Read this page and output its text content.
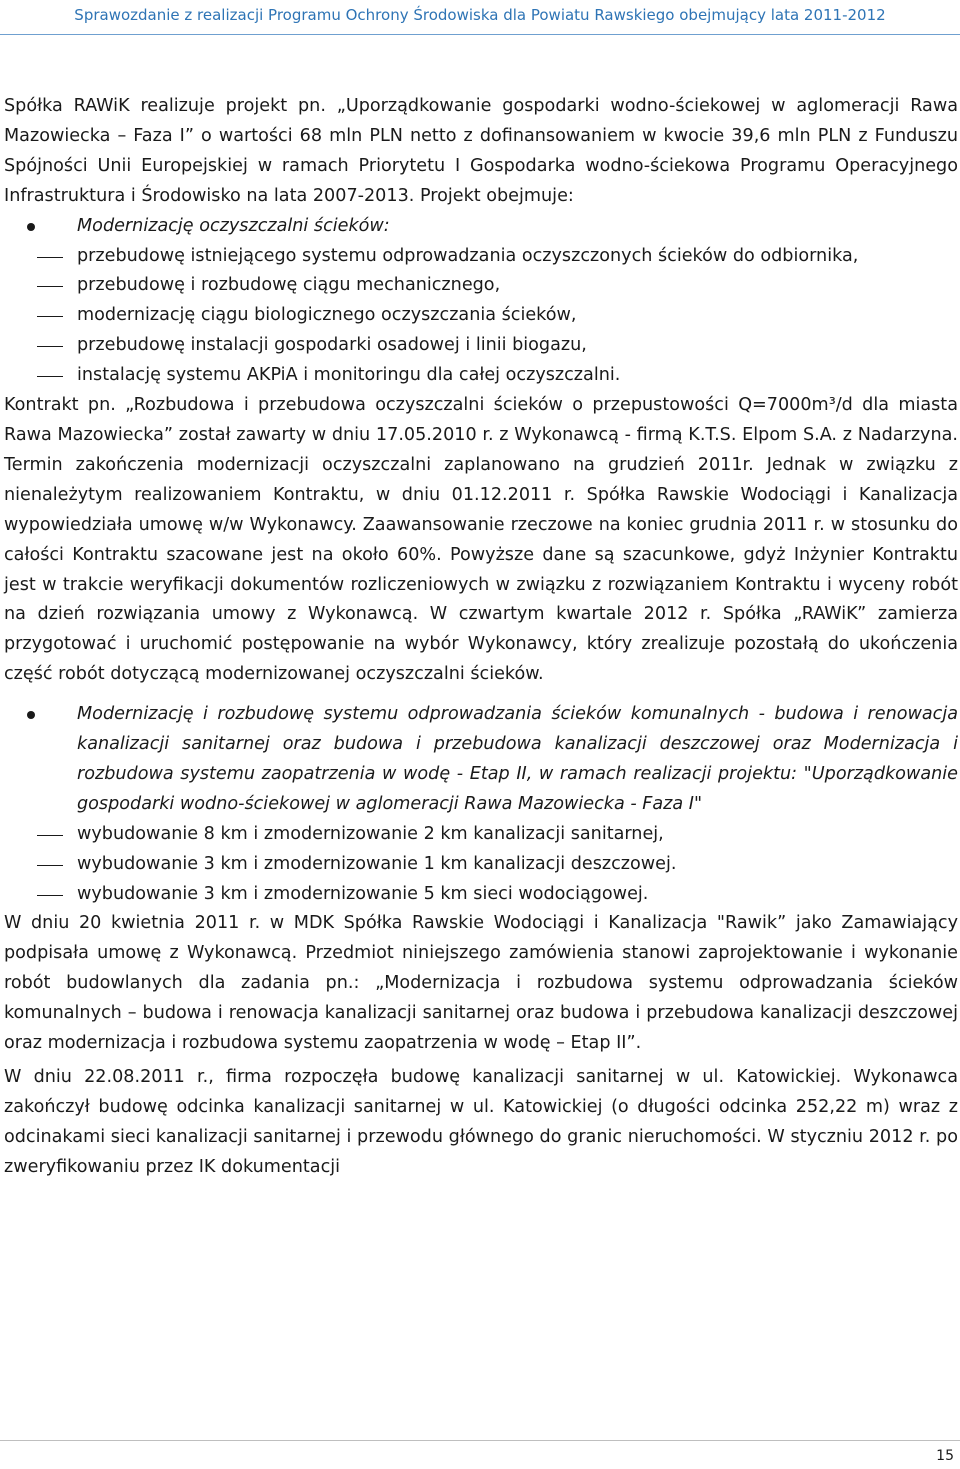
Sprawozdanie z realizacji Programu Ochrony Środowiska dla Powiatu Rawskiego obejmujący lata 2011-2012

Spółka RAWiK realizuje projekt pn. „Uporządkowanie gospodarki wodno-ściekowej w aglomeracji Rawa Mazowiecka – Faza I” o wartości 68 mln PLN netto z dofinansowaniem w kwocie 39,6 mln PLN z Funduszu Spójności Unii Europejskiej w ramach Priorytetu I Gospodarka wodno-ściekowa Programu Operacyjnego Infrastruktura i Środowisko na lata 2007-2013. Projekt obejmuje:

Modernizację oczyszczalni ścieków:
przebudowę istniejącego systemu odprowadzania oczyszczonych ścieków do odbiornika,
przebudowę i rozbudowę ciągu mechanicznego,
modernizację ciągu biologicznego oczyszczania ścieków,
przebudowę instalacji gospodarki osadowej i linii biogazu,
instalację systemu AKPiA i monitoringu dla całej oczyszczalni.

Kontrakt pn. „Rozbudowa i przebudowa oczyszczalni ścieków o przepustowości Q=7000m³/d dla miasta Rawa Mazowiecka” został zawarty w dniu 17.05.2010 r. z Wykonawcą - firmą K.T.S. Elpom S.A. z Nadarzyna. Termin zakończenia modernizacji oczyszczalni zaplanowano na grudzień 2011r. Jednak w związku z nienależytym realizowaniem Kontraktu, w dniu 01.12.2011 r. Spółka Rawskie Wodociągi i Kanalizacja wypowiedziała umowę w/w Wykonawcy. Zaawansowanie rzeczowe na koniec grudnia 2011 r. w stosunku do całości Kontraktu szacowane jest na około 60%. Powyższe dane są szacunkowe, gdyż Inżynier Kontraktu jest w trakcie weryfikacji dokumentów rozliczeniowych w związku z rozwiązaniem Kontraktu i wyceny robót na dzień rozwiązania umowy z Wykonawcą. W czwartym kwartale 2012 r. Spółka „RAWiK” zamierza przygotować i uruchomić postępowanie na wybór Wykonawcy, który zrealizuje pozostałą do ukończenia część robót dotyczącą modernizowanej oczyszczalni ścieków.

Modernizację i rozbudowę systemu odprowadzania ścieków komunalnych - budowa i renowacja kanalizacji sanitarnej oraz budowa i przebudowa kanalizacji deszczowej oraz Modernizacja i rozbudowa systemu zaopatrzenia w wodę - Etap II, w ramach realizacji projektu: "Uporządkowanie gospodarki wodno-ściekowej w aglomeracji Rawa Mazowiecka - Faza I"
wybudowanie 8 km i zmodernizowanie 2 km kanalizacji sanitarnej,
wybudowanie 3 km i zmodernizowanie 1 km kanalizacji deszczowej.
wybudowanie 3 km i zmodernizowanie 5 km sieci wodociągowej.

W dniu 20 kwietnia 2011 r. w MDK Spółka Rawskie Wodociągi i Kanalizacja "Rawik” jako Zamawiający podpisała umowę z Wykonawcą. Przedmiot niniejszego zamówienia stanowi zaprojektowanie i wykonanie robót budowlanych dla zadania pn.: „Modernizacja i rozbudowa systemu odprowadzania ścieków komunalnych – budowa i renowacja kanalizacji sanitarnej oraz budowa i przebudowa kanalizacji deszczowej oraz modernizacja i rozbudowa systemu zaopatrzenia w wodę – Etap II”.

W dniu 22.08.2011 r., firma rozpoczęła budowę kanalizacji sanitarnej w ul. Katowickiej. Wykonawca zakończył budowę odcinka kanalizacji sanitarnej w ul. Katowickiej (o długości odcinka 252,22 m) wraz z odcinakami sieci kanalizacji sanitarnej i przewodu głównego do granic nieruchomości. W styczniu 2012 r. po zweryfikowaniu przez IK dokumentacji

15
